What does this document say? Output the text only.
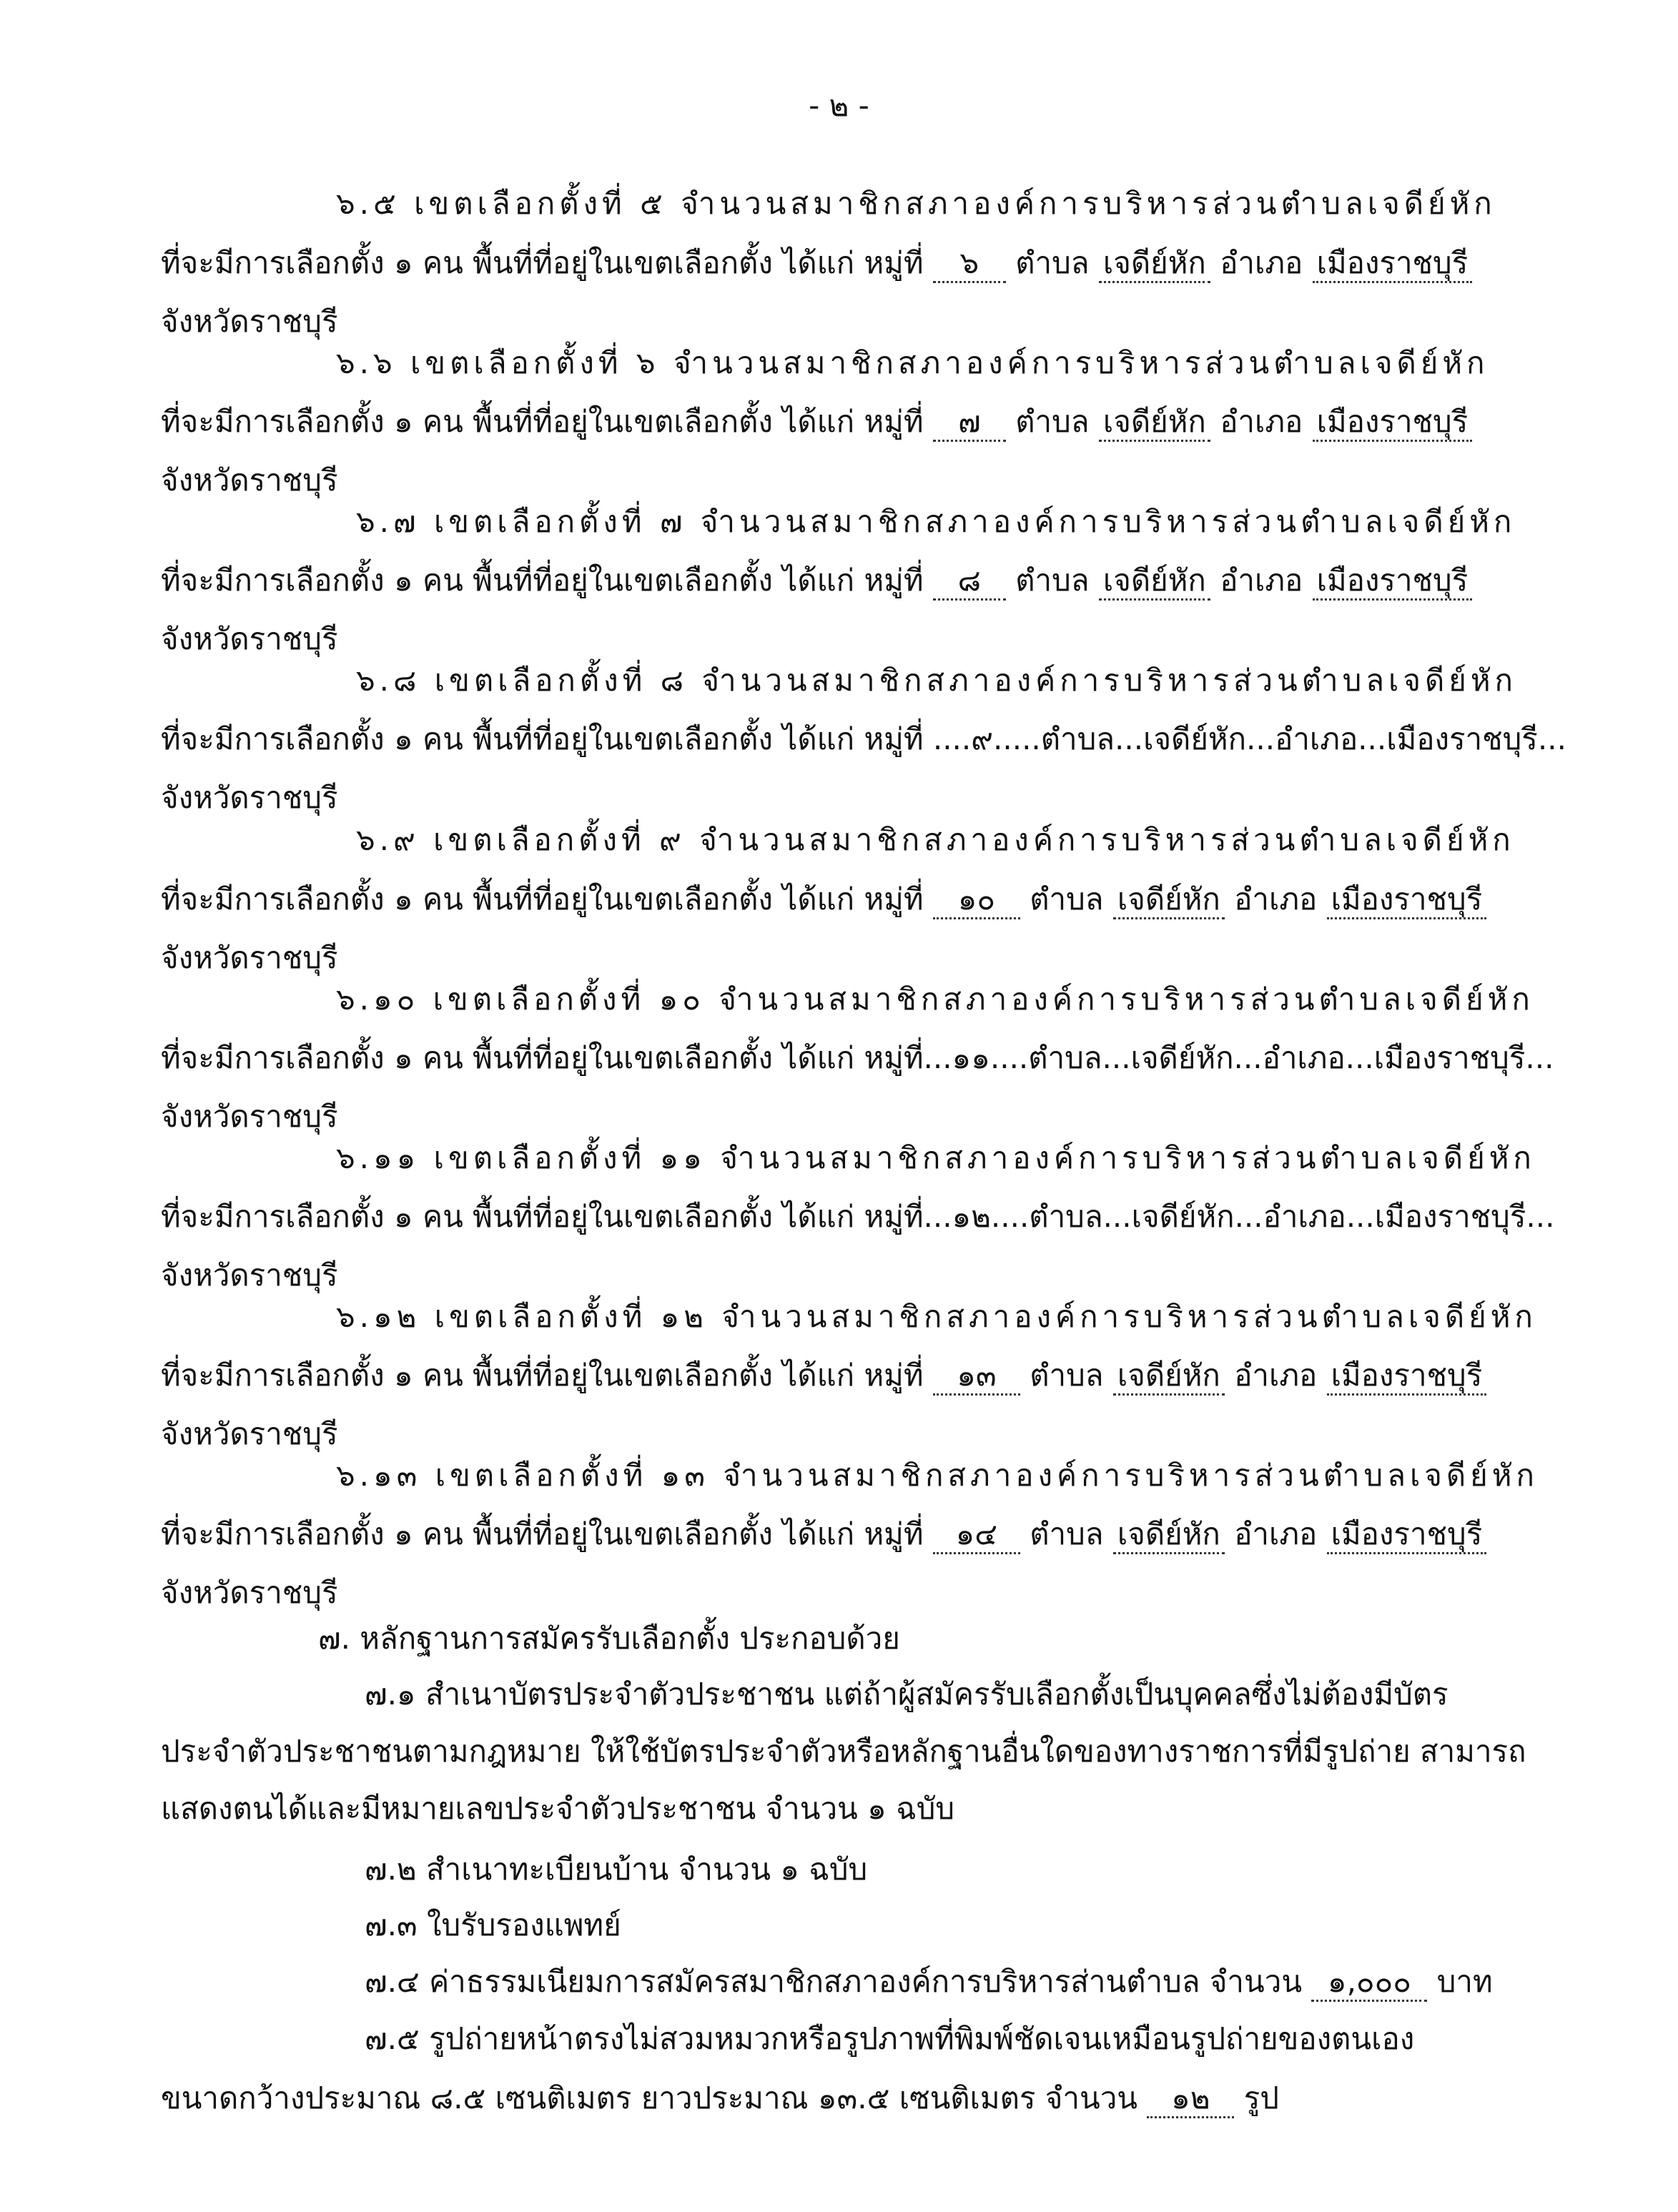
- ๒ -
๖.๕ เขตเลือกตั้งที่ ๕ จำนวนสมาชิกสภาองค์การบริหารส่วนตำบลเจดีย์หัก
ที่จะมีการเลือกตั้ง ๑ คน พื้นที่ที่อยู่ในเขตเลือกตั้ง ได้แก่ หมู่ที่ ๖ ตำบล เจดีย์หัก อำเภอ เมืองราชบุรี
จังหวัดราชบุรี
๖.๖ เขตเลือกตั้งที่ ๖ จำนวนสมาชิกสภาองค์การบริหารส่วนตำบลเจดีย์หัก
ที่จะมีการเลือกตั้ง ๑ คน พื้นที่ที่อยู่ในเขตเลือกตั้ง ได้แก่ หมู่ที่ ๗ ตำบล เจดีย์หัก อำเภอ เมืองราชบุรี
จังหวัดราชบุรี
๖.๗ เขตเลือกตั้งที่ ๗ จำนวนสมาชิกสภาองค์การบริหารส่วนตำบลเจดีย์หัก
ที่จะมีการเลือกตั้ง ๑ คน พื้นที่ที่อยู่ในเขตเลือกตั้ง ได้แก่ หมู่ที่ ๘ ตำบล เจดีย์หัก อำเภอ เมืองราชบุรี
จังหวัดราชบุรี
๖.๘ เขตเลือกตั้งที่ ๘ จำนวนสมาชิกสภาองค์การบริหารส่วนตำบลเจดีย์หัก
ที่จะมีการเลือกตั้ง ๑ คน พื้นที่ที่อยู่ในเขตเลือกตั้ง ได้แก่ หมู่ที่ ....๙.....ตำบล...เจดีย์หัก...อำเภอ...เมืองราชบุรี...
จังหวัดราชบุรี
๖.๙ เขตเลือกตั้งที่ ๙ จำนวนสมาชิกสภาองค์การบริหารส่วนตำบลเจดีย์หัก
ที่จะมีการเลือกตั้ง ๑ คน พื้นที่ที่อยู่ในเขตเลือกตั้ง ได้แก่ หมู่ที่ ๑๐ ตำบล เจดีย์หัก อำเภอ เมืองราชบุรี
จังหวัดราชบุรี
๖.๑๐ เขตเลือกตั้งที่ ๑๐ จำนวนสมาชิกสภาองค์การบริหารส่วนตำบลเจดีย์หัก
ที่จะมีการเลือกตั้ง ๑ คน พื้นที่ที่อยู่ในเขตเลือกตั้ง ได้แก่ หมู่ที่...๑๑....ตำบล...เจดีย์หัก...อำเภอ...เมืองราชบุรี...
จังหวัดราชบุรี
๖.๑๑ เขตเลือกตั้งที่ ๑๑ จำนวนสมาชิกสภาองค์การบริหารส่วนตำบลเจดีย์หัก
ที่จะมีการเลือกตั้ง ๑ คน พื้นที่ที่อยู่ในเขตเลือกตั้ง ได้แก่ หมู่ที่...๑๒....ตำบล...เจดีย์หัก...อำเภอ...เมืองราชบุรี...
จังหวัดราชบุรี
๖.๑๒ เขตเลือกตั้งที่ ๑๒ จำนวนสมาชิกสภาองค์การบริหารส่วนตำบลเจดีย์หัก
ที่จะมีการเลือกตั้ง ๑ คน พื้นที่ที่อยู่ในเขตเลือกตั้ง ได้แก่ หมู่ที่ ๑๓ ตำบล เจดีย์หัก อำเภอ เมืองราชบุรี
จังหวัดราชบุรี
๖.๑๓ เขตเลือกตั้งที่ ๑๓ จำนวนสมาชิกสภาองค์การบริหารส่วนตำบลเจดีย์หัก
ที่จะมีการเลือกตั้ง ๑ คน พื้นที่ที่อยู่ในเขตเลือกตั้ง ได้แก่ หมู่ที่ ๑๔ ตำบล เจดีย์หัก อำเภอ เมืองราชบุรี
จังหวัดราชบุรี
๗. หลักฐานการสมัครรับเลือกตั้ง ประกอบด้วย
๗.๑ สำเนาบัตรประจำตัวประชาชน แต่ถ้าผู้สมัครรับเลือกตั้งเป็นบุคคลซึ่งไม่ต้องมีบัตร
ประจำตัวประชาชนตามกฎหมาย ให้ใช้บัตรประจำตัวหรือหลักฐานอื่นใดของทางราชการที่มีรูปถ่าย สามารถ
แสดงตนได้และมีหมายเลขประจำตัวประชาชน จำนวน ๑ ฉบับ
๗.๒ สำเนาทะเบียนบ้าน จำนวน ๑ ฉบับ
๗.๓ ใบรับรองแพทย์
๗.๔ ค่าธรรมเนียมการสมัครสมาชิกสภาองค์การบริหารส่านตำบล จำนวน ๑,๐๐๐ บาท
๗.๕ รูปถ่ายหน้าตรงไม่สวมหมวกหรือรูปภาพที่พิมพ์ชัดเจนเหมือนรูปถ่ายของตนเอง
ขนาดกว้างประมาณ ๘.๕ เซนติเมตร ยาวประมาณ ๑๓.๕ เซนติเมตร จำนวน ๑๒ รูป
